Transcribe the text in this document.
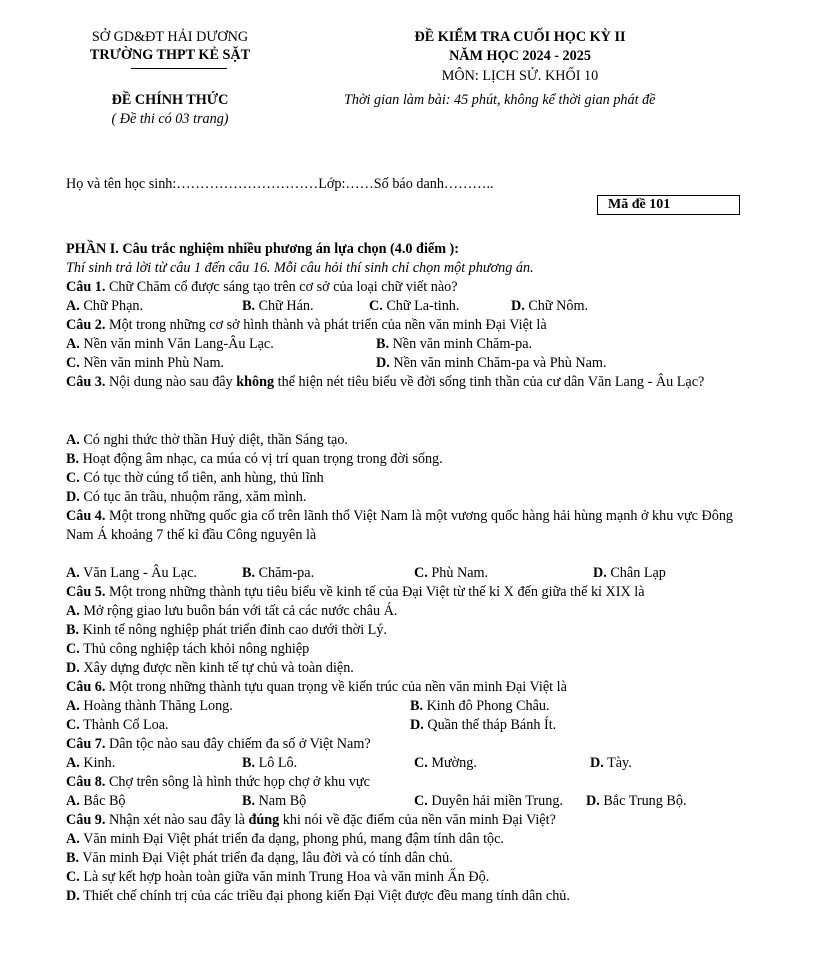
SỞ GD&ĐT HẢI DƯƠNG
TRƯỜNG THPT KẺ SẶT
ĐỀ KIỂM TRA CUỐI HỌC KỲ II
NĂM HỌC 2024 - 2025
MÔN: LỊCH SỬ. KHỐI 10
ĐỀ CHÍNH THỨC
( Đề thi có 03 trang)
Thời gian làm bài: 45 phút, không kể thời gian phát đề
Họ và tên học sinh:…………………………Lớp:……Số báo danh………..
Mã đề 101
PHẦN I. Câu trắc nghiệm nhiều phương án lựa chọn (4.0 điểm ):
Thí sinh trả lời từ câu 1 đến câu 16. Mỗi câu hỏi thí sinh chỉ chọn một phương án.
Câu 1. Chữ Chăm cổ được sáng tạo trên cơ sở của loại chữ viết nào?
A. Chữ Phạn.	B. Chữ Hán.	C. Chữ La-tinh.	D. Chữ Nôm.
Câu 2. Một trong những cơ sở hình thành và phát triển của nền văn minh Đại Việt là
A. Nền văn minh Văn Lang-Âu Lạc.	B. Nền văn minh Chăm-pa.
C. Nền văn minh Phù Nam.	D. Nền văn minh Chăm-pa và Phù Nam.
Câu 3. Nội dung nào sau đây không thể hiện nét tiêu biểu về đời sống tinh thần của cư dân Văn Lang - Âu Lạc?
A. Có nghi thức thờ thần Huỷ diệt, thần Sáng tạo.
B. Hoạt động âm nhạc, ca múa có vị trí quan trọng trong đời sống.
C. Có tục thờ cúng tổ tiên, anh hùng, thủ lĩnh
D. Có tục ăn trầu, nhuộm răng, xăm mình.
Câu 4. Một trong những quốc gia cổ trên lãnh thổ Việt Nam là một vương quốc hàng hải hùng mạnh ở khu vực Đông Nam Á khoảng 7 thế kỉ đầu Công nguyên là
A. Văn Lang - Âu Lạc.	B. Chăm-pa.	C. Phù Nam.	D. Chân Lạp
Câu 5. Một trong những thành tựu tiêu biểu về kinh tế của Đại Việt từ thế kỉ X đến giữa thế kỉ XIX là
A. Mở rộng giao lưu buôn bán với tất cả các nước châu Á.
B. Kinh tế nông nghiệp phát triển đỉnh cao dưới thời Lý.
C. Thủ công nghiệp tách khỏi nông nghiệp
D. Xây dựng được nền kinh tế tự chủ và toàn diện.
Câu 6. Một trong những thành tựu quan trọng về kiến trúc của nền văn minh Đại Việt là
A. Hoàng thành Thăng Long.	B. Kinh đô Phong Châu.
C. Thành Cổ Loa.	D. Quần thể tháp Bánh Ít.
Câu 7. Dân tộc nào sau đây chiếm đa số ở Việt Nam?
A. Kinh.	B. Lô Lô.	C. Mường.	D. Tày.
Câu 8. Chợ trên sông là hình thức họp chợ ở khu vực
A. Bắc Bộ	B. Nam Bộ	C. Duyên hải miền Trung. D. Bắc Trung Bộ.
Câu 9. Nhận xét nào sau đây là đúng khi nói về đặc điểm của nền văn minh Đại Việt?
A. Văn minh Đại Việt phát triển đa dạng, phong phú, mang đậm tính dân tộc.
B. Văn minh Đại Việt phát triển đa dạng, lâu đời và có tính dân chủ.
C. Là sự kết hợp hoàn toàn giữa văn minh Trung Hoa và văn minh Ấn Độ.
D. Thiết chế chính trị của các triều đại phong kiến Đại Việt được đều mang tính dân chủ.
